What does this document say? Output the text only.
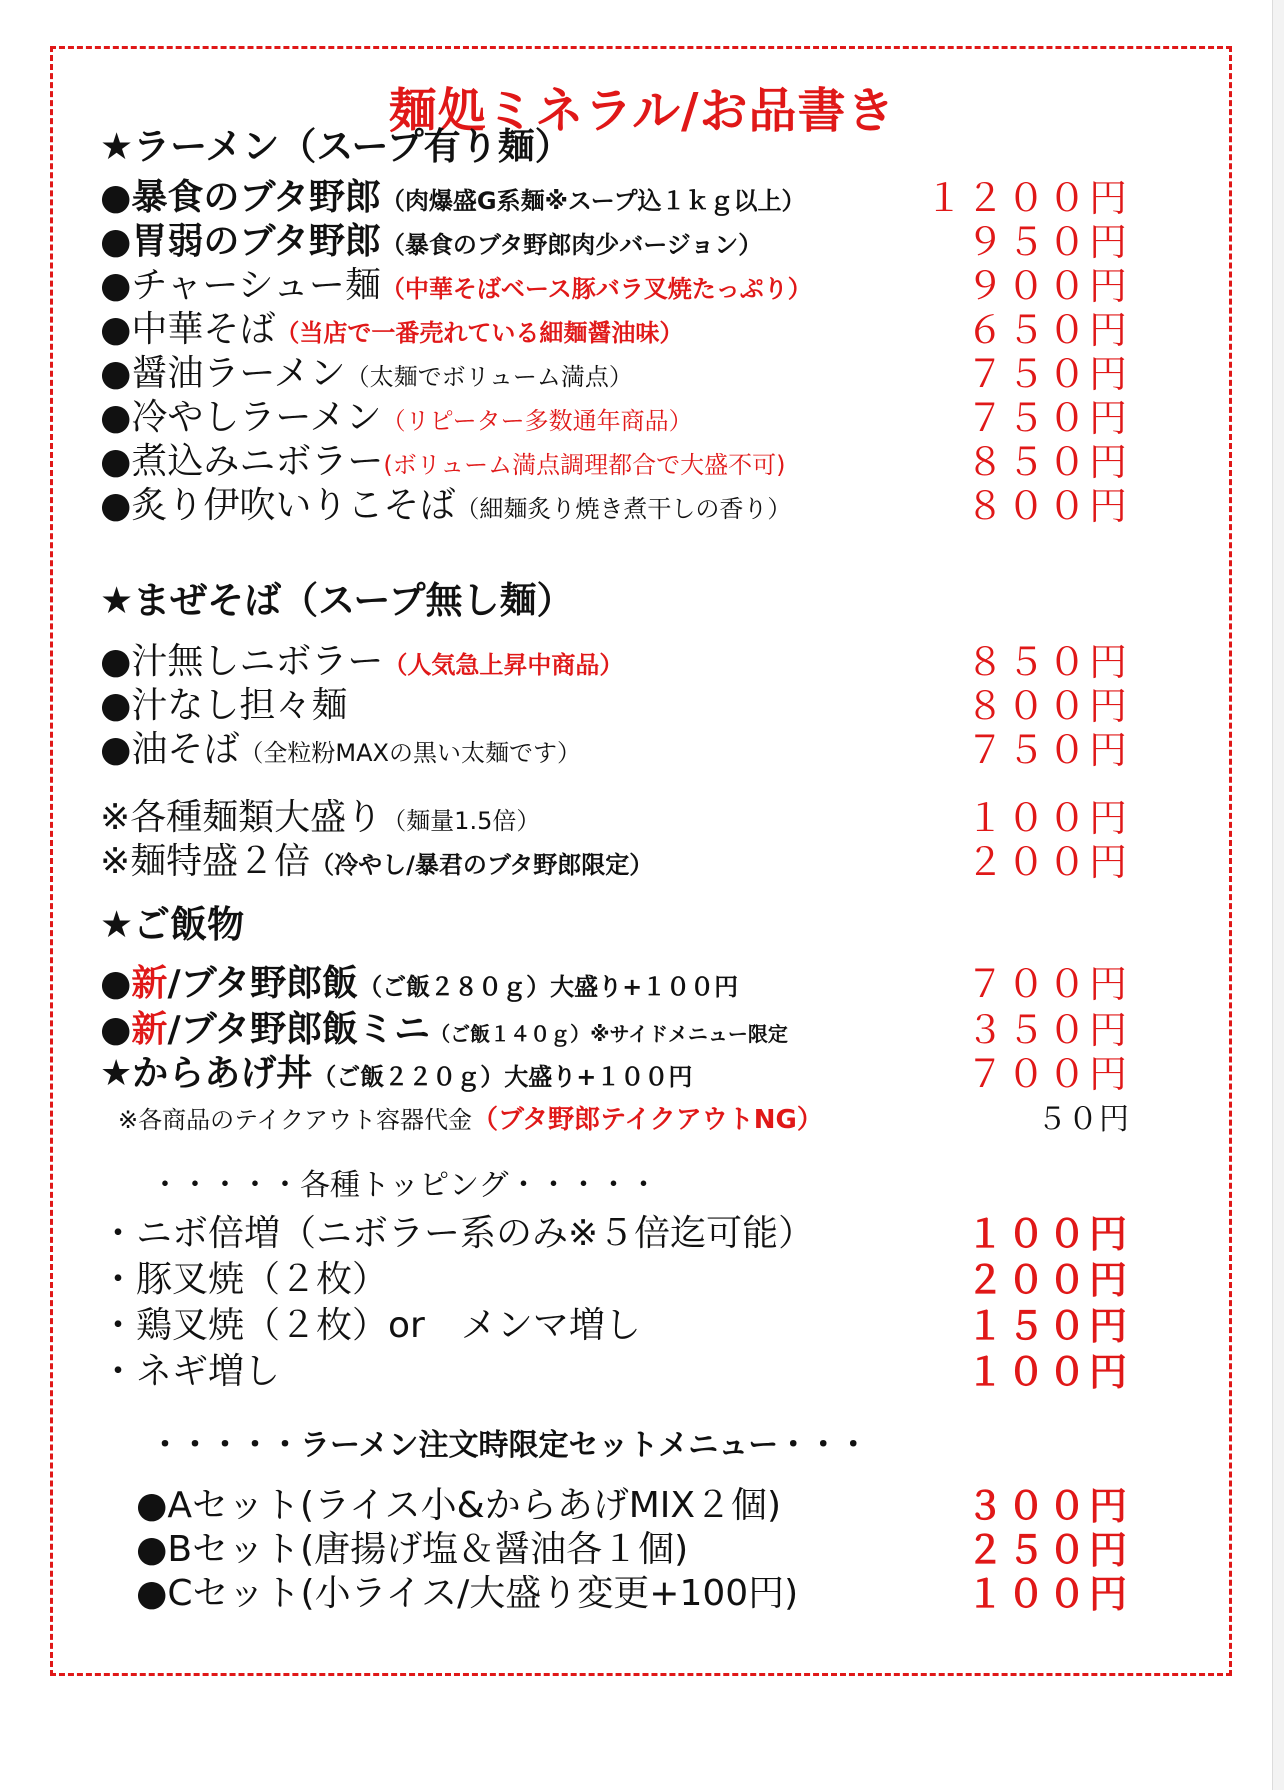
麺処ミネラル/お品書き
★ラーメン（スープ有り麺）
●暴食のブタ野郎（肉爆盛G系麺※スープ込１ｋｇ以上）	１２００円
●胃弱のブタ野郎（暴食のブタ野郎肉少バージョン）	９５０円
●チャーシュー麺（中華そばベース豚バラ叉焼たっぷり）	９００円
●中華そば（当店で一番売れている細麺醤油味）	６５０円
●醤油ラーメン（太麺でボリューム満点）	７５０円
●冷やしラーメン（リピーター多数通年商品）	７５０円
●煮込みニボラー(ボリューム満点調理都合で大盛不可)	８５０円
●炙り伊吹いりこそば（細麺炙り焼き煮干しの香り）	８００円
★まぜそば（スープ無し麺）
●汁無しニボラー（人気急上昇中商品）	８５０円
●汁なし担々麺	８００円
●油そば（全粒粉MAXの黒い太麺です）	７５０円
※各種麺類大盛り（麺量1.5倍）	１００円
※麺特盛２倍（冷やし/暴君のブタ野郎限定）	２００円
★ご飯物
●新/ブタ野郎飯（ご飯２８０ｇ）大盛り+１００円	７００円
●新/ブタ野郎飯ミニ（ご飯１４０ｇ）※サイドメニュー限定	３５０円
★からあげ丼（ご飯２２０ｇ）大盛り+１００円	７００円
※各商品のテイクアウト容器代金（ブタ野郎テイクアウトNG）	５０円
・・・・・各種トッピング・・・・・
・ニボ倍増（ニボラー系のみ※５倍迄可能）	１００円
・豚叉焼（２枚）	２００円
・鶏叉焼（２枚）or　メンマ増し	１５０円
・ネギ増し	１００円
・・・・・ラーメン注文時限定セットメニュー・・・
●Aセット(ライス小&からあげMIX２個)	３００円
●Bセット(唐揚げ塩＆醤油各１個)	２５０円
●Cセット(小ライス/大盛り変更+100円)	１００円
